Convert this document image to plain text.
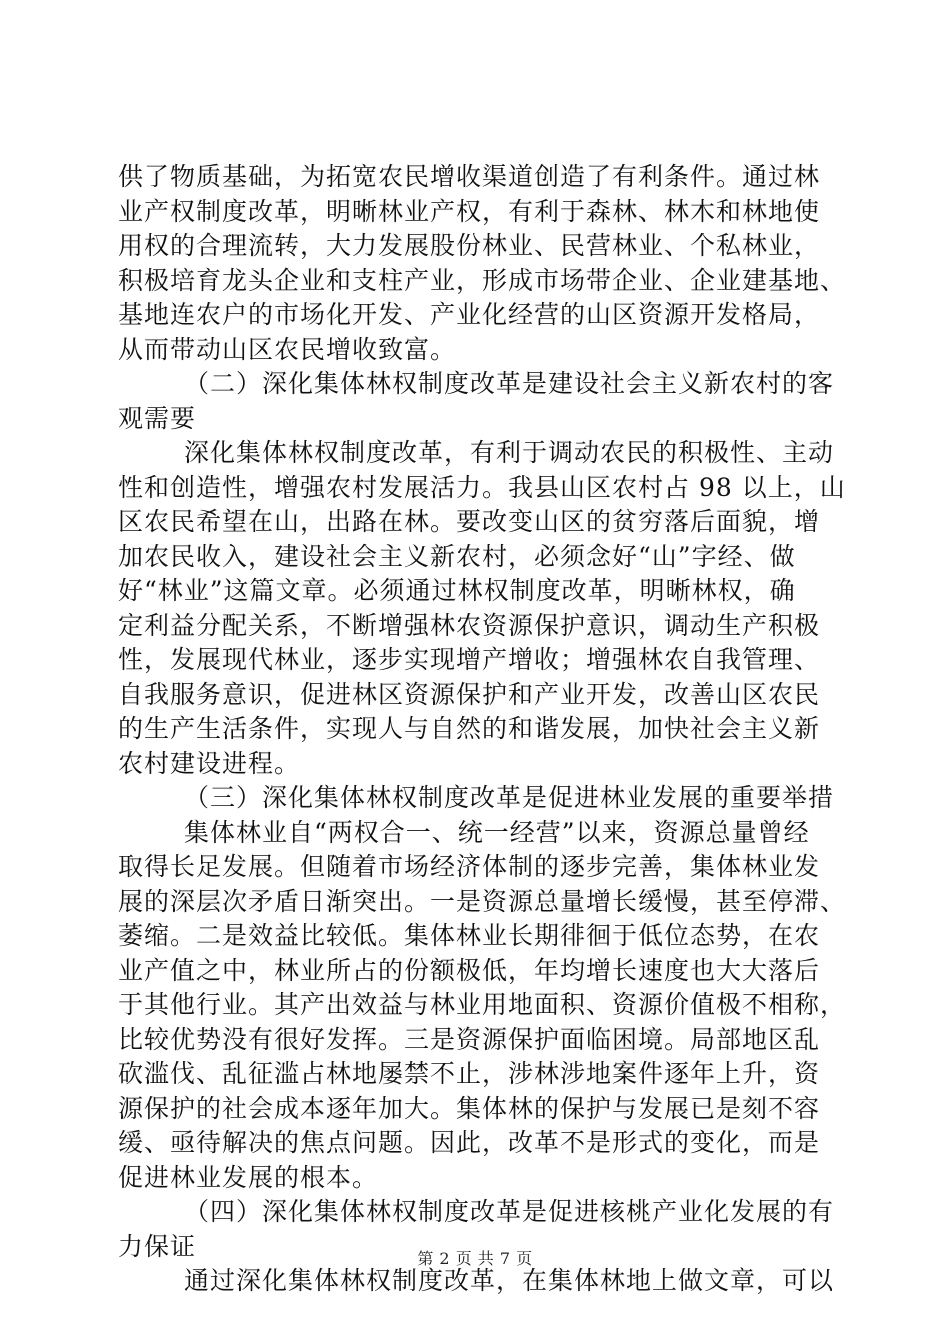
供了物质基础，为拓宽农民增收渠道创造了有利条件。通过林
业产权制度改革，明晰林业产权，有利于森林、林木和林地使
用权的合理流转，大力发展股份林业、民营林业、个私林业，
积极培育龙头企业和支柱产业，形成市场带企业、企业建基地、
基地连农户的市场化开发、产业化经营的山区资源开发格局，
从而带动山区农民增收致富。
（二）深化集体林权制度改革是建设社会主义新农村的客
观需要
深化集体林权制度改革，有利于调动农民的积极性、主动
性和创造性，增强农村发展活力。我县山区农村占 98 以上，山
区农民希望在山，出路在林。要改变山区的贫穷落后面貌，增
加农民收入，建设社会主义新农村，必须念好“山”字经、做
好“林业”这篇文章。必须通过林权制度改革，明晰林权，确
定利益分配关系，不断增强林农资源保护意识，调动生产积极
性，发展现代林业，逐步实现增产增收；增强林农自我管理、
自我服务意识，促进林区资源保护和产业开发，改善山区农民
的生产生活条件，实现人与自然的和谐发展，加快社会主义新
农村建设进程。
（三）深化集体林权制度改革是促进林业发展的重要举措
集体林业自“两权合一、统一经营”以来，资源总量曾经
取得长足发展。但随着市场经济体制的逐步完善，集体林业发
展的深层次矛盾日渐突出。一是资源总量增长缓慢，甚至停滞、
萎缩。二是效益比较低。集体林业长期徘徊于低位态势，在农
业产值之中，林业所占的份额极低，年均增长速度也大大落后
于其他行业。其产出效益与林业用地面积、资源价值极不相称，
比较优势没有很好发挥。三是资源保护面临困境。局部地区乱
砍滥伐、乱征滥占林地屡禁不止，涉林涉地案件逐年上升，资
源保护的社会成本逐年加大。集体林的保护与发展已是刻不容
缓、亟待解决的焦点问题。因此，改革不是形式的变化，而是
促进林业发展的根本。
（四）深化集体林权制度改革是促进核桃产业化发展的有
力保证
通过深化集体林权制度改革，在集体林地上做文章，可以
第 2 页 共 7 页
